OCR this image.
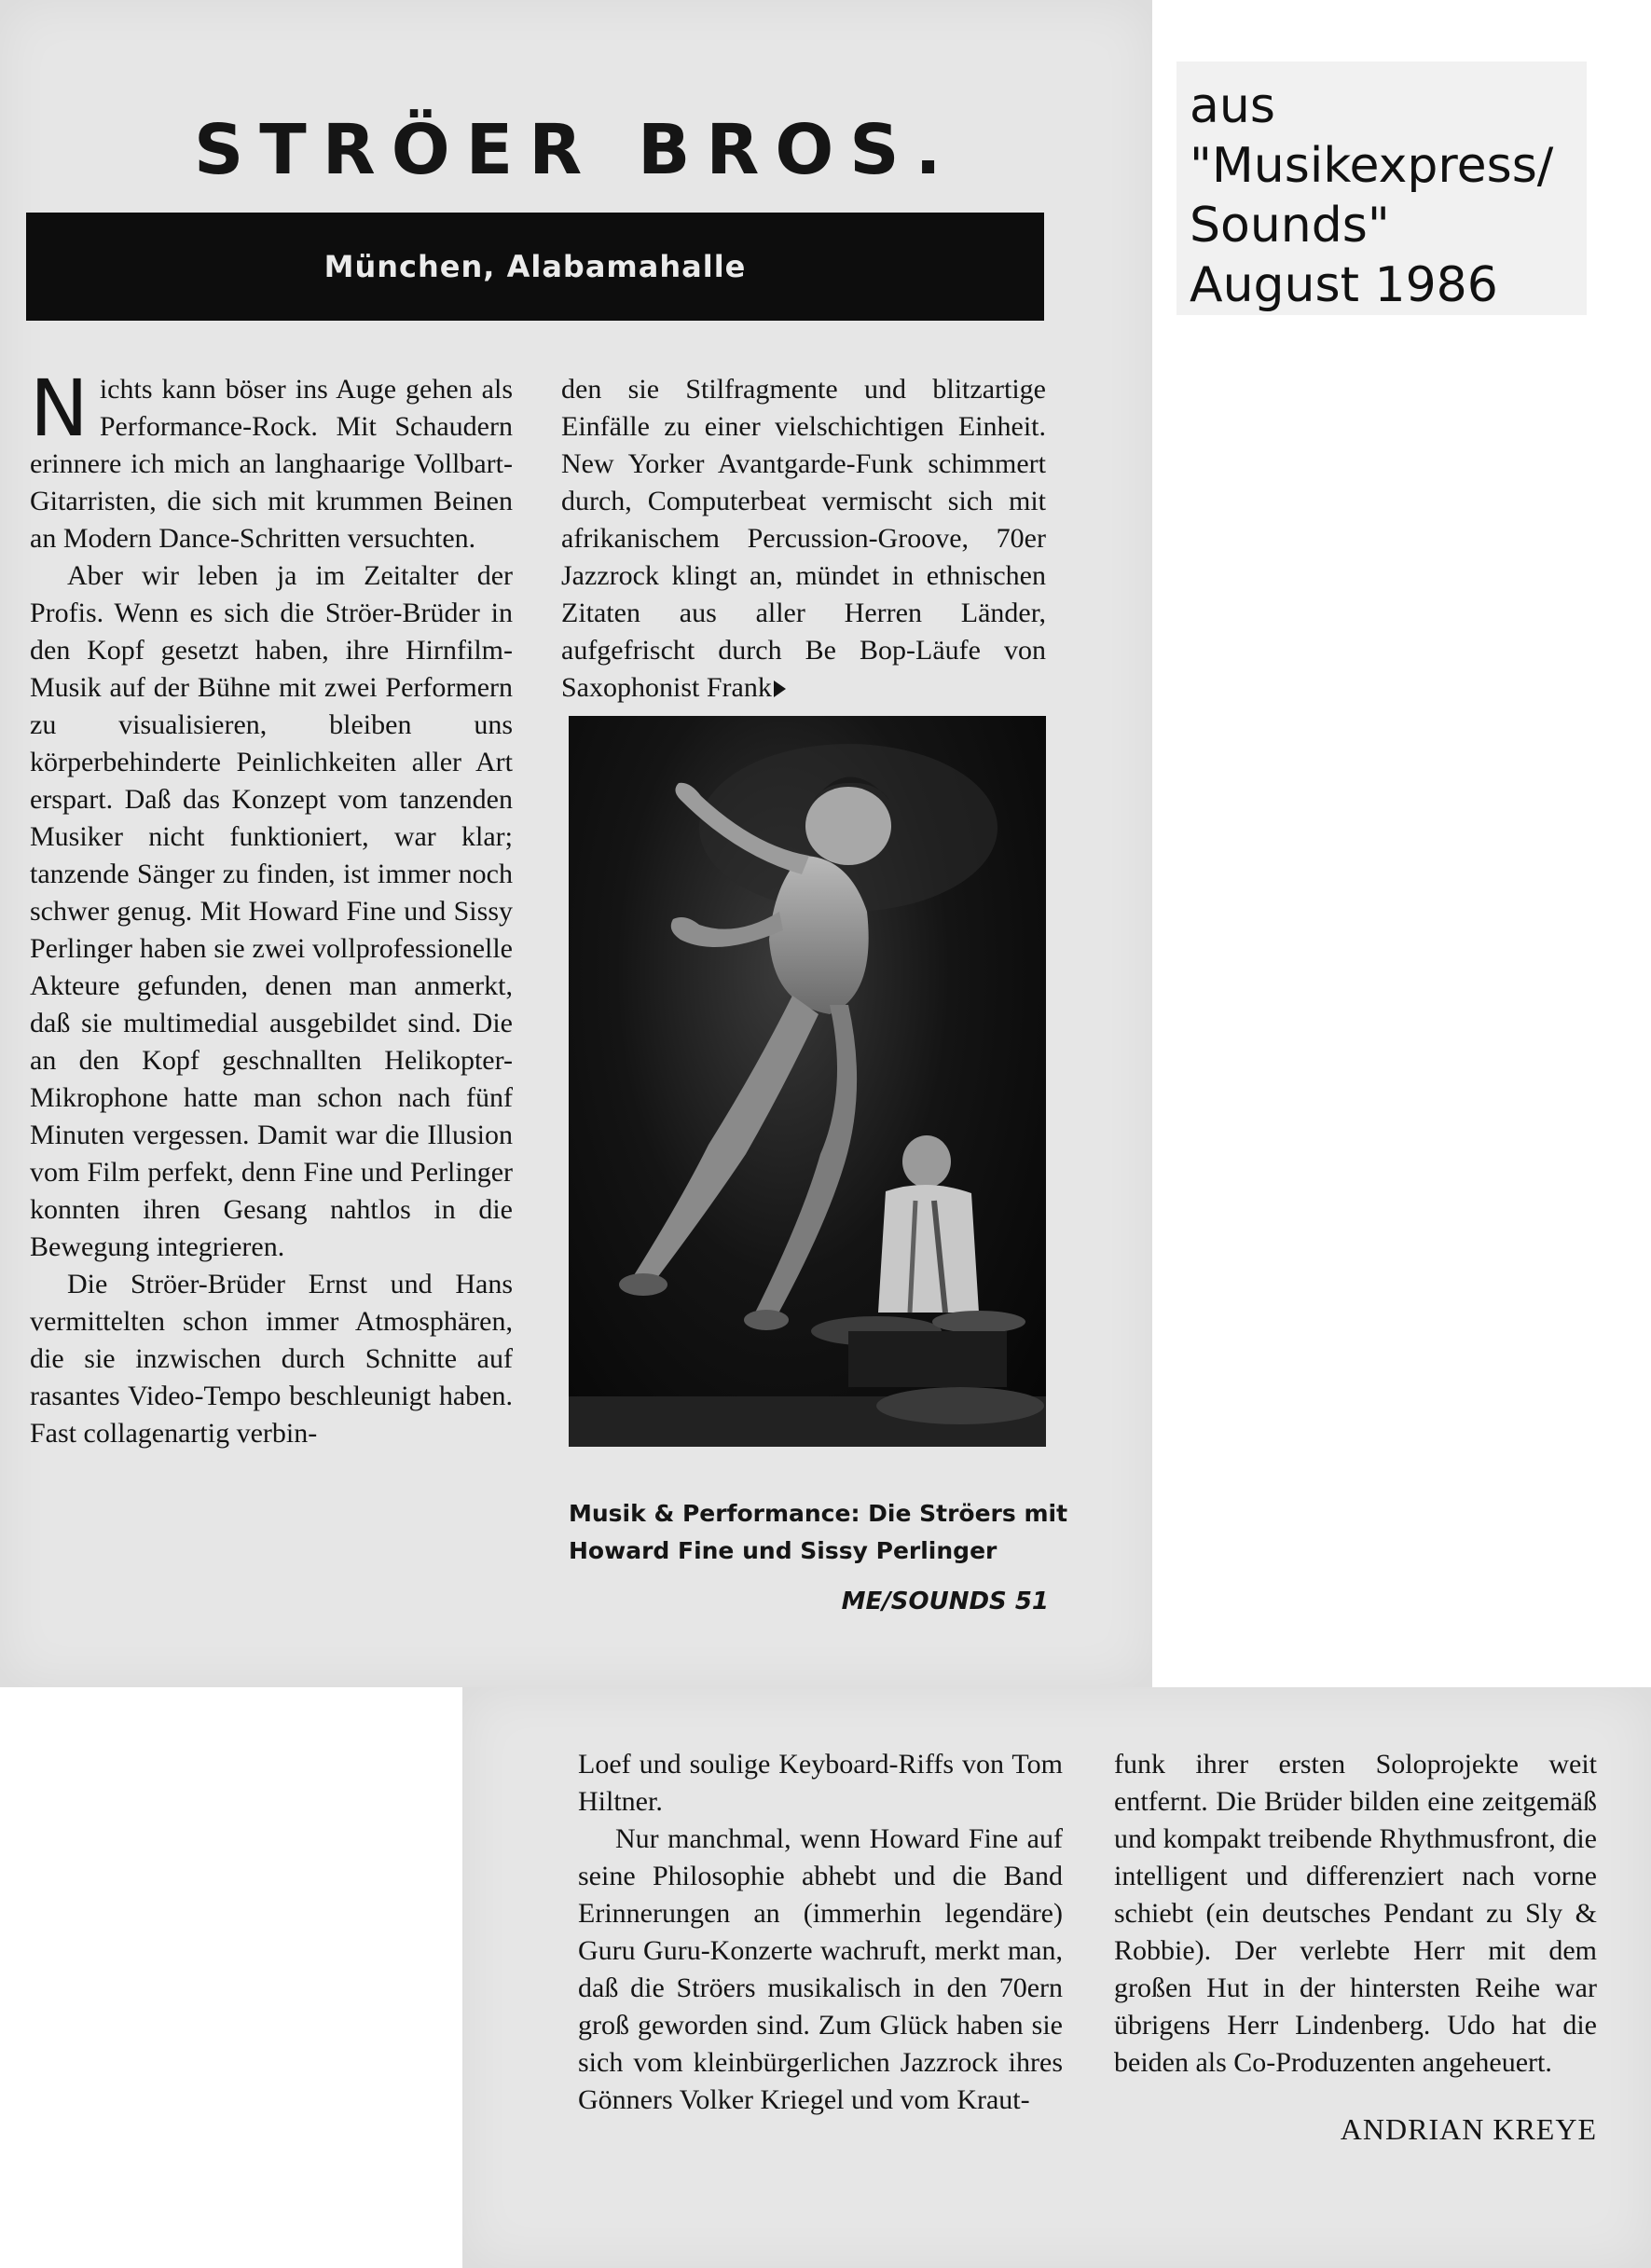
STRÖER BROS.
München, Alabamahalle

Nichts kann böser ins Auge gehen als Performance-Rock. Mit Schaudern erinnere ich mich an langhaarige Vollbart-Gitarristen, die sich mit krummen Beinen an Modern Dance-Schritten versuchten.

Aber wir leben ja im Zeitalter der Profis. Wenn es sich die Ströer-Brüder in den Kopf gesetzt haben, ihre Hirnfilm-Musik auf der Bühne mit zwei Performern zu visualisieren, bleiben uns körperbehinderte Peinlichkeiten aller Art erspart. Daß das Konzept vom tanzenden Musiker nicht funktioniert, war klar; tanzende Sänger zu finden, ist immer noch schwer genug. Mit Howard Fine und Sissy Perlinger haben sie zwei vollprofessionelle Akteure gefunden, denen man anmerkt, daß sie multimedial ausgebildet sind. Die an den Kopf geschnallten Helikopter-Mikrophone hatte man schon nach fünf Minuten vergessen. Damit war die Illusion vom Film perfekt, denn Fine und Perlinger konnten ihren Gesang nahtlos in die Bewegung integrieren.

Die Ströer-Brüder Ernst und Hans vermittelten schon immer Atmosphären, die sie inzwischen durch Schnitte auf rasantes Video-Tempo beschleunigt haben. Fast collagenartig verbin-

den sie Stilfragmente und blitzartige Einfälle zu einer vielschichtigen Einheit. New Yorker Avantgarde-Funk schimmert durch, Computerbeat vermischt sich mit afrikanischem Percussion-Groove, 70er Jazzrock klingt an, mündet in ethnischen Zitaten aus aller Herren Länder, aufgefrischt durch Be Bop-Läufe von Saxophonist Frank

Musik & Performance: Die Ströers mit Howard Fine und Sissy Perlinger
ME/SOUNDS 51

Loef und soulige Keyboard-Riffs von Tom Hiltner.

Nur manchmal, wenn Howard Fine auf seine Philosophie abhebt und die Band Erinnerungen an (immerhin legendäre) Guru Guru-Konzerte wachruft, merkt man, daß die Ströers musikalisch in den 70ern groß geworden sind. Zum Glück haben sie sich vom kleinbürgerlichen Jazzrock ihres Gönners Volker Kriegel und vom Kraut-

funk ihrer ersten Soloprojekte weit entfernt. Die Brüder bilden eine zeitgemäß und kompakt treibende Rhythmusfront, die intelligent und differenziert nach vorne schiebt (ein deutsches Pendant zu Sly & Robbie). Der verlebte Herr mit dem großen Hut in der hintersten Reihe war übrigens Herr Lindenberg. Udo hat die beiden als Co-Produzenten angeheuert.

ANDRIAN KREYE
aus "Musikexpress/ Sounds" August 1986
